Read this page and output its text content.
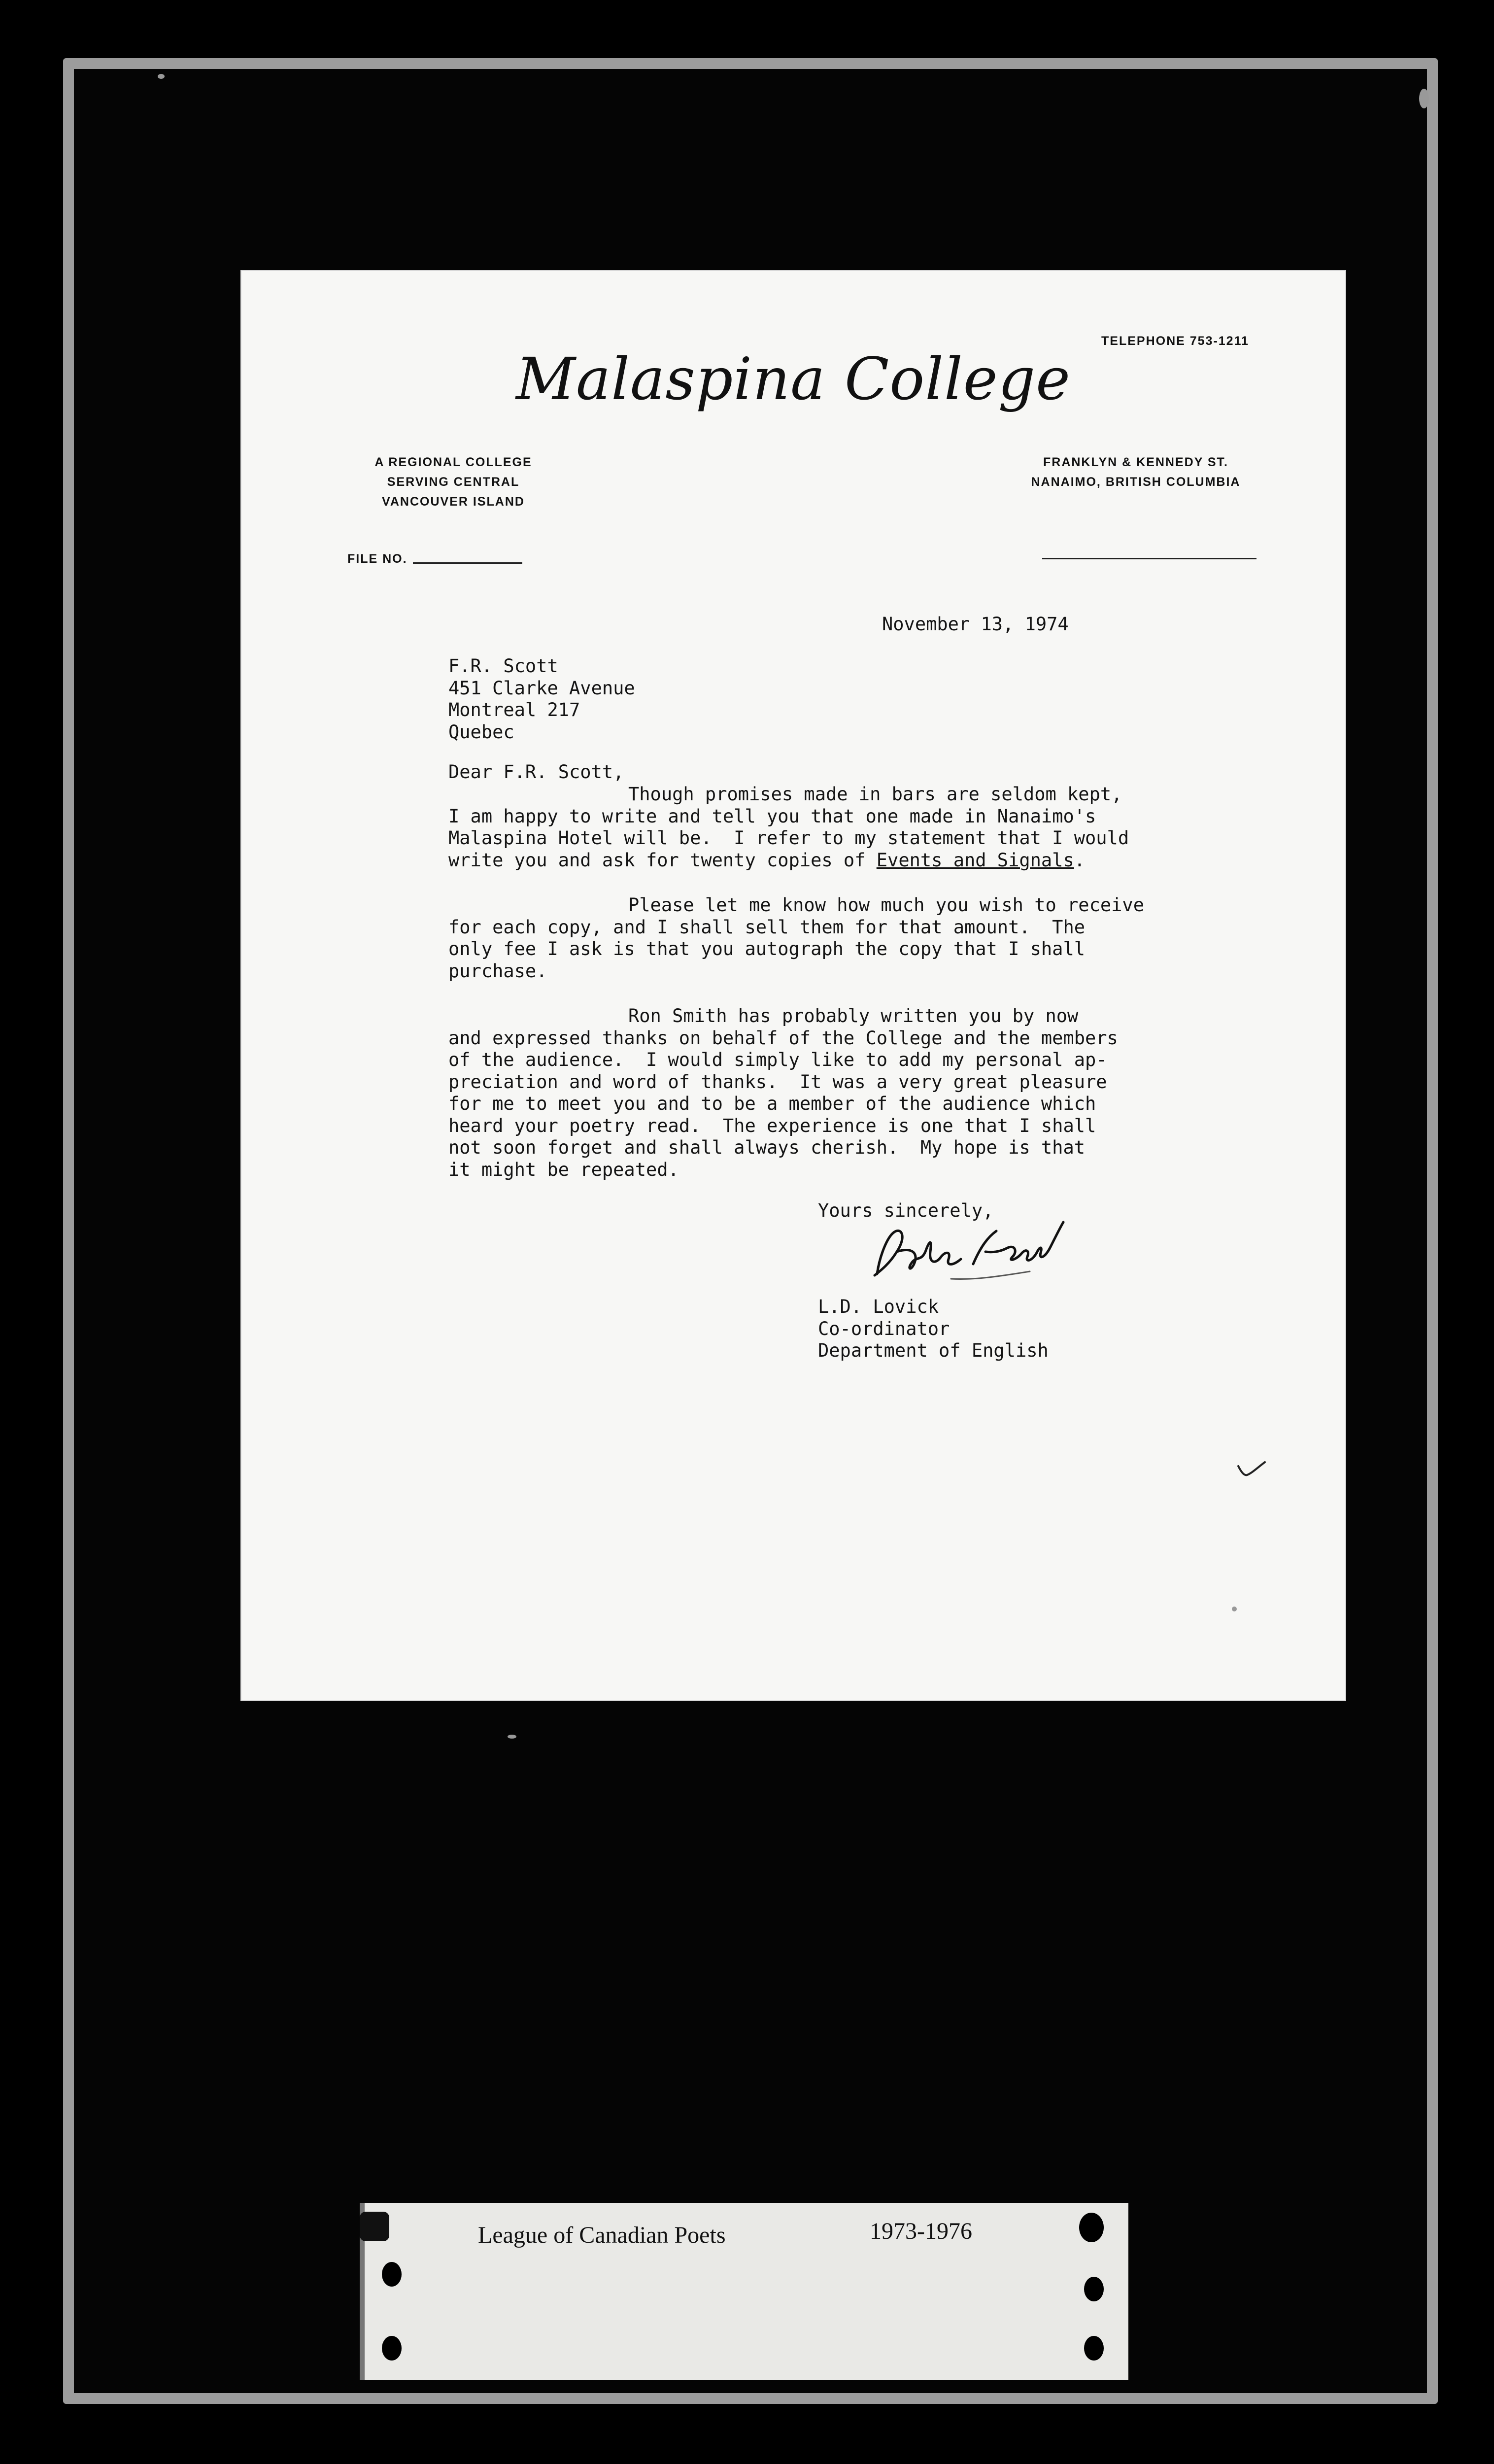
TELEPHONE 753-1211
Malaspina College
A REGIONAL COLLEGE
SERVING CENTRAL
VANCOUVER ISLAND
FRANKLYN & KENNEDY ST.
NANAIMO, BRITISH COLUMBIA
FILE NO.
November 13, 1974
F.R. Scott
451 Clarke Avenue
Montreal 217
Quebec
Dear F.R. Scott,
Though promises made in bars are seldom kept,
I am happy to write and tell you that one made in Nanaimo's
Malaspina Hotel will be.  I refer to my statement that I would
write you and ask for twenty copies of Events and Signals.
Please let me know how much you wish to receive
for each copy, and I shall sell them for that amount.  The
only fee I ask is that you autograph the copy that I shall
purchase.
Ron Smith has probably written you by now
and expressed thanks on behalf of the College and the members
of the audience.  I would simply like to add my personal ap-
preciation and word of thanks.  It was a very great pleasure
for me to meet you and to be a member of the audience which
heard your poetry read.  The experience is one that I shall
not soon forget and shall always cherish.  My hope is that
it might be repeated.
Yours sincerely,
L.D. Lovick
Co-ordinator
Department of English
League of Canadian Poets	1973-1976
